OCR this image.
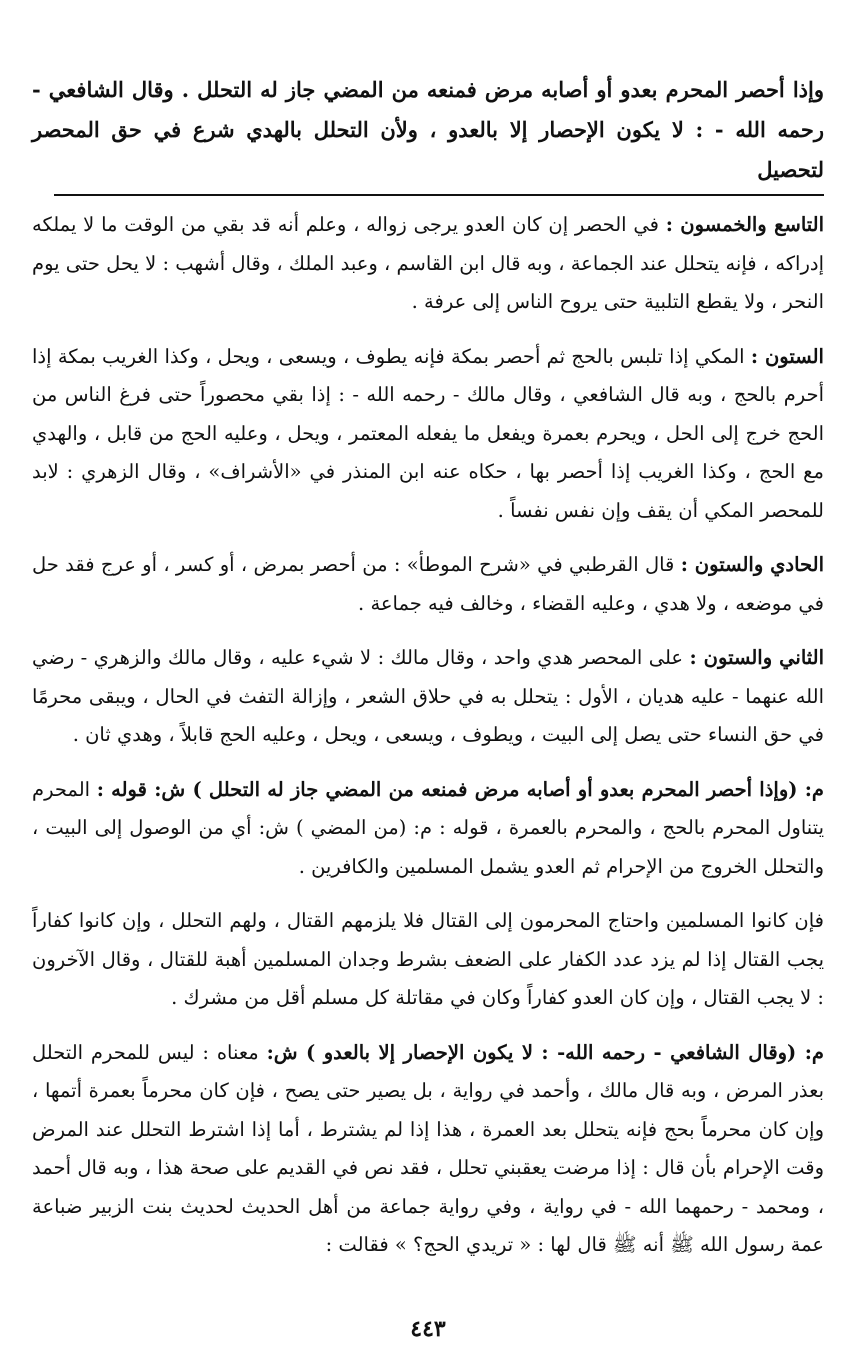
وإذا أحصر المحرم بعدو أو أصابه مرض فمنعه من المضي جاز له التحلل . وقال الشافعي - رحمه الله - : لا يكون الإحصار إلا بالعدو ، ولأن التحلل بالهدي شرع في حق المحصر لتحصيل

التاسع والخمسون : في الحصر إن كان العدو يرجى زواله ، وعلم أنه قد بقي من الوقت ما لا يملكه إدراكه ، فإنه يتحلل عند الجماعة ، وبه قال ابن القاسم ، وعبد الملك ، وقال أشهب : لا يحل حتى يوم النحر ، ولا يقطع التلبية حتى يروح الناس إلى عرفة .

الستون : المكي إذا تلبس بالحج ثم أحصر بمكة فإنه يطوف ، ويسعى ، ويحل ، وكذا الغريب بمكة إذا أحرم بالحج ، وبه قال الشافعي ، وقال مالك - رحمه الله - : إذا بقي محصوراً حتى فرغ الناس من الحج خرج إلى الحل ، ويحرم بعمرة ويفعل ما يفعله المعتمر ، ويحل ، وعليه الحج من قابل ، والهدي مع الحج ، وكذا الغريب إذا أحصر بها ، حكاه عنه ابن المنذر في «الأشراف» ، وقال الزهري : لابد للمحصر المكي أن يقف وإن نفس نفساً .

الحادي والستون : قال القرطبي في «شرح الموطأ» : من أحصر بمرض ، أو كسر ، أو عرج فقد حل في موضعه ، ولا هدي ، وعليه القضاء ، وخالف فيه جماعة .

الثاني والستون : على المحصر هدي واحد ، وقال مالك : لا شيء عليه ، وقال مالك والزهري - رضي الله عنهما - عليه هديان ، الأول : يتحلل به في حلاق الشعر ، وإزالة التفث في الحال ، ويبقى محرمًا في حق النساء حتى يصل إلى البيت ، ويطوف ، ويسعى ، ويحل ، وعليه الحج قابلاً ، وهدي ثان .

م: (وإذا أحصر المحرم بعدو أو أصابه مرض فمنعه من المضي جاز له التحلل ) ش: قوله : المحرم يتناول المحرم بالحج ، والمحرم بالعمرة ، قوله : م: (من المضي ) ش: أي من الوصول إلى البيت ، والتحلل الخروج من الإحرام ثم العدو يشمل المسلمين والكافرين .

فإن كانوا المسلمين واحتاج المحرمون إلى القتال فلا يلزمهم القتال ، ولهم التحلل ، وإن كانوا كفاراً يجب القتال إذا لم يزد عدد الكفار على الضعف بشرط وجدان المسلمين أهبة للقتال ، وقال الآخرون : لا يجب القتال ، وإن كان العدو كفاراً وكان في مقاتلة كل مسلم أقل من مشرك .

م: (وقال الشافعي - رحمه الله- : لا يكون الإحصار إلا بالعدو ) ش: معناه : ليس للمحرم التحلل بعذر المرض ، وبه قال مالك ، وأحمد في رواية ، بل يصير حتى يصح ، فإن كان محرماً بعمرة أتمها ، وإن كان محرماً بحج فإنه يتحلل بعد العمرة ، هذا إذا لم يشترط ، أما إذا اشترط التحلل عند المرض وقت الإحرام بأن قال : إذا مرضت يعقبني تحلل ، فقد نص في القديم على صحة هذا ، وبه قال أحمد ، ومحمد - رحمهما الله - في رواية ، وفي رواية جماعة من أهل الحديث لحديث بنت الزبير ضباعة عمة رسول الله ﷺ أنه ﷺ قال لها : « تريدي الحج؟ » فقالت :

٤٤٣
